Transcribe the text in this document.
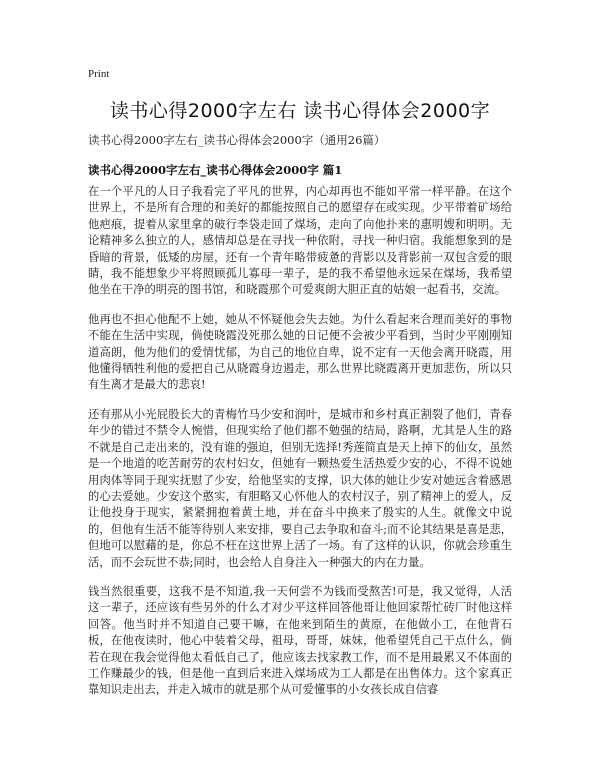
Print
读书心得2000字左右 读书心得体会2000字
读书心得2000字左右_读书心得体会2000字（通用26篇）
读书心得2000字左右_读书心得体会2000字 篇1

在一个平凡的人日子我看完了平凡的世界，内心却再也不能如平常一样平静。在这个世界上，不是所有合理的和美好的都能按照自己的愿望存在或实现。少平带着矿场给他疤痕，提着从家里拿的破行李袋走回了煤场，走向了向他扑来的惠明嫂和明明。无论精神多么独立的人，感情却总是在寻找一种依附，寻找一种归宿。我能想象到的是昏暗的背景，低矮的房屋，还有一个青年略带疲惫的背影以及背影前一双包含爱的眼睛，我不能想象少平将照顾孤儿寡母一辈子，是的我不希望他永远呆在煤场，我希望他坐在干净的明亮的图书馆，和晓霞那个可爱爽朗大胆正直的姑娘一起看书，交流。

他再也不担心他配不上她，她从不怀疑他会失去她。为什么看起来合理而美好的事物不能在生活中实现，倘使晓霞没死那么她的日记便不会被少平看到，当时少平刚刚知道高朗，他为他们的爱情忧郁，为自己的地位自卑，说不定有一天他会离开晓霞，用他懂得牺牲利他的爱把自己从晓霞身边遏走，那么世界比晓霞离开更加悲伤，所以只有生离才是最大的悲哀!

还有那从小光屁股长大的青梅竹马少安和润叶，是城市和乡村真正割裂了他们，青春年少的错过不禁令人惋惜，但现实给了他们都不勉强的结局，路啊，尤其是人生的路不就是自己走出来的，没有谁的强迫，但别无选择!秀莲简直是天上掉下的仙女，虽然是一个地道的吃苦耐劳的农村妇女，但她有一颗热爱生活热爱少安的心，不得不说她用肉体等同于现实抚慰了少安，给他坚实的支撑，识大体的她让少安对她远含着感恩的心去爱她。少安这个憨实，有胆略又心怀他人的农村汉子，别了精神上的爱人，反让他投身于现实，紧紧拥抱着黄土地，并在奋斗中换来了殷实的人生。就像文中说的，但他有生活不能等待别人来安排，要自己去争取和奋斗;而不论其结果是喜是悲，但地可以慰藉的是，你总不枉在这世界上活了一场。有了这样的认识，你就会珍重生活，而不会玩世不恭;同时，也会给人自身注入一种强大的内在力量。

钱当然很重要，这我不是不知道,我一天何尝不为钱而受熬苦!可是，我又觉得，人活这一辈子，还应该有些另外的什么才对少平这样回答他哥让他回家帮忙砖厂时他这样回答。他当时并不知道自己要干嘛，在他来到陌生的黄原，在他做小工，在他背石板，在他夜读时，他心中装着父母，祖母，哥哥，妹妹，他希望凭自己干点什么，倘若在现在我会觉得他太看低自己了，他应该去找家教工作，而不是用最累又不体面的工作赚最少的钱，但是他一直到后来进入煤场成为工人都是在出售体力。这个家真正靠知识走出去，并走入城市的就是那个从可爱懂事的小女孩长成自信睿
